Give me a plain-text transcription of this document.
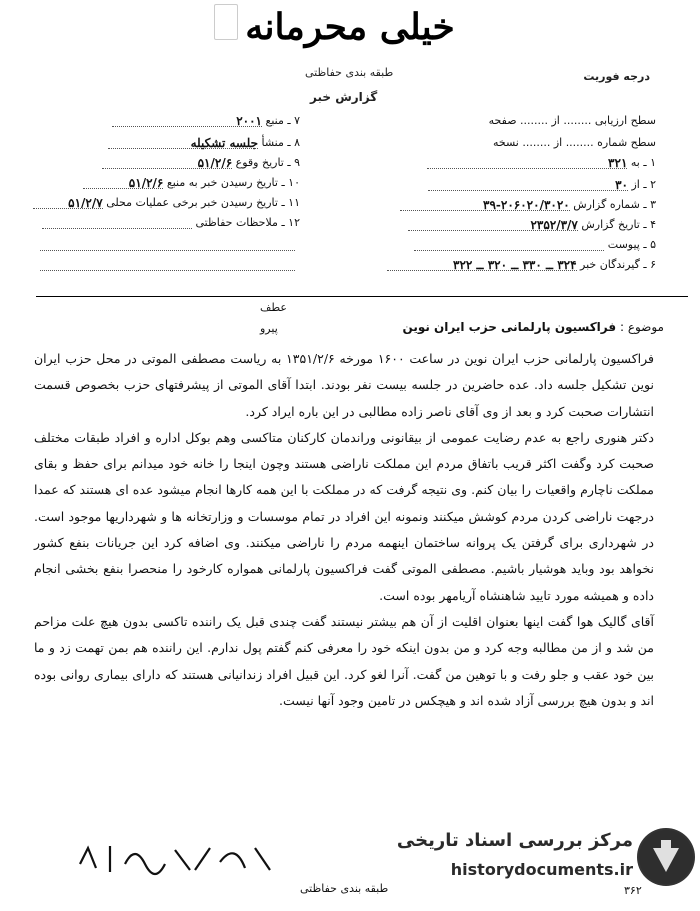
خیلی محرمانه
طبقه بندی حفاظتی	درجه فوریت
گزارش خبر
سطح ارزیابی ........ از ........ صفحه
سطح شماره ........ از ........ نسخه
۱ ـ به ۳۲۱
۲ ـ از ۳۰
۳ ـ شماره گزارش ۳۹-۲۰۶۰۲۰/۳۰۲۰
۴ ـ تاریخ گزارش ۲۳۵۲/۳/۷
۵ ـ پیوست
۶ ـ گیرندگان خبر ۳۲۴ ــ ۳۳۰ ــ ۳۲۰ ــ ۳۲۲
۷ ـ منبع ۲۰۰۱
۸ ـ منشأ جلسه تشکیله
۹ ـ تاریخ وقوع ۵۱/۲/۶
۱۰ ـ تاریخ رسیدن خبر به منبع ۵۱/۲/۶
۱۱ ـ تاریخ رسیدن خبر برخی عملیات محلی ۵۱/۲/۷
۱۲ ـ ملاحظات حفاظتی
عطف
پیرو	موضوع : فراکسیون پارلمانی حزب ایران نوین

فراکسیون پارلمانی حزب ایران نوین در ساعت ۱۶۰۰ مورخه ۱۳۵۱/۲/۶ به ریاست مصطفی الموتی در محل حزب ایران نوین تشکیل جلسه داد. عده حاضرین در جلسه بیست نفر بودند. ابتدا آقای الموتی از پیشرفتهای حزب بخصوص قسمت انتشارات صحبت کرد و بعد از وی آقای ناصر زاده مطالبی در این باره ایراد کرد.

دکتر هنوری راجع به عدم رضایت عمومی از بیقانونی وراندمان کارکنان متاکسی وهم بوکل اداره و افراد طبقات مختلف صحبت کرد وگفت اکثر قریب باتفاق مردم این مملکت ناراضی هستند وچون اینجا را خانه خود میدانم برای حفظ و بقای مملکت ناچارم واقعیات را بیان کنم. وی نتیجه گرفت که در مملکت با این همه کارها انجام میشود عده ای هستند که عمدا درجهت ناراضی کردن مردم کوشش میکنند ونمونه این افراد در تمام موسسات و وزارتخانه ها و شهرداریها موجود است. در شهرداری برای گرفتن یک پروانه ساختمان اینهمه مردم را ناراضی میکنند. وی اضافه کرد این جریانات بنفع کشور نخواهد بود وباید هوشیار باشیم. مصطفی الموتی گفت فراکسیون پارلمانی همواره کارخود را منحصرا بنفع بخشی انجام داده و همیشه مورد تایید شاهنشاه آریامهر بوده است.

آقای گالیک هوا گفت اینها بعنوان اقلیت از آن هم بیشتر نیستند گفت چندی قبل یک راننده تاکسی بدون هیچ علت مزاحم من شد و از من مطالبه وجه کرد و من بدون اینکه خود را معرفی کنم گفتم پول ندارم. این راننده هم بمن تهمت زد و ما بین خود عقب و جلو رفت و با توهین من گفت. آنرا لغو کرد. این قبیل افراد زندانیانی هستند که دارای بیماری روانی بوده اند و بدون هیچ بررسی آزاد شده اند و هیچکس در تامین وجود آنها نیست.

طبقه بندی حفاظتی	۳۶۲
مرکز بررسی اسناد تاریخی
historydocuments.ir
